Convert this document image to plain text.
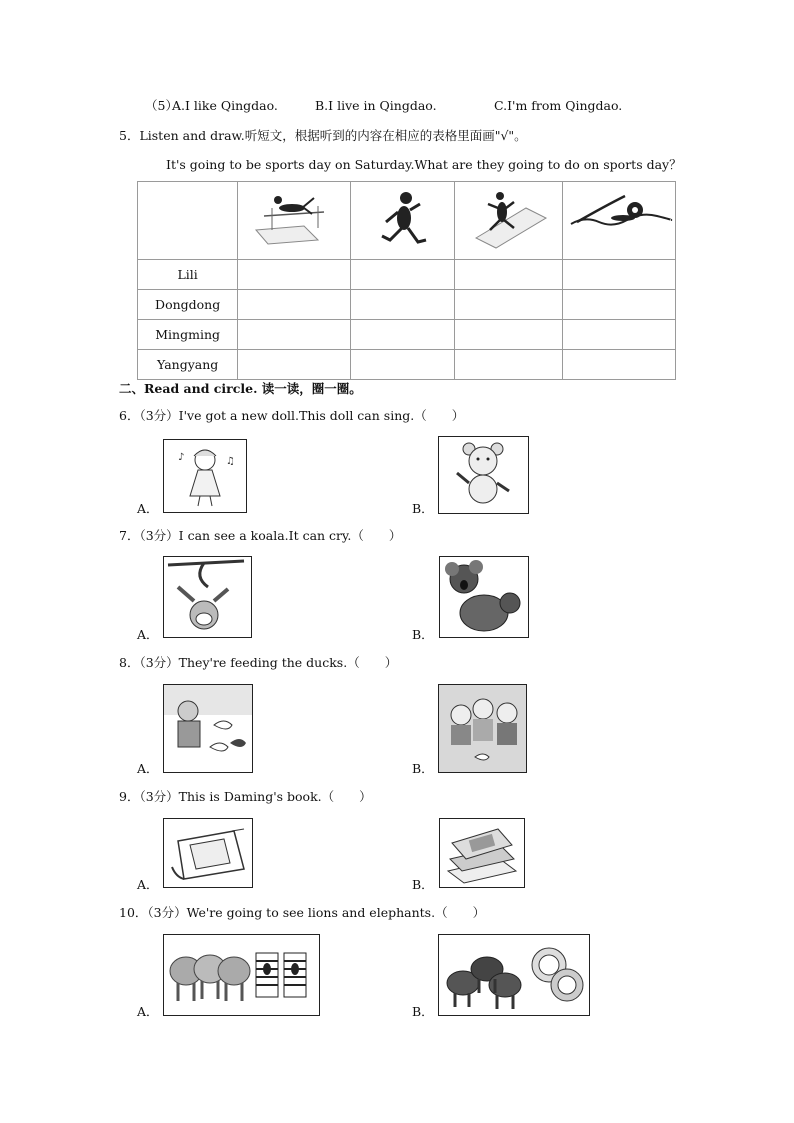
（5）
A.I like Qingdao.	B.I live in Qingdao.	C.I'm from Qingdao.
5．Listen and draw.听短文，根据听到的内容在相应的表格里面画"√"。
It's going to be sports day on Saturday.What are they going to do on sports day？

Lili				
Dongdong				
Mingming				
Yangyang				
二、Read and circle. 读一读，圈一圈。
6．（3分）I've got a new doll.This doll can sing.（　　）
A．
♪	♫
B．
7．（3分）I can see a koala.It can cry.（　　）
A．	B．
8．（3分）They're feeding the ducks.（　　）
A．	B．
9．（3分）This is Daming's book.（　　）
A．	B．
10．（3分）We're going to see lions and elephants.（　　）
A．	B．
